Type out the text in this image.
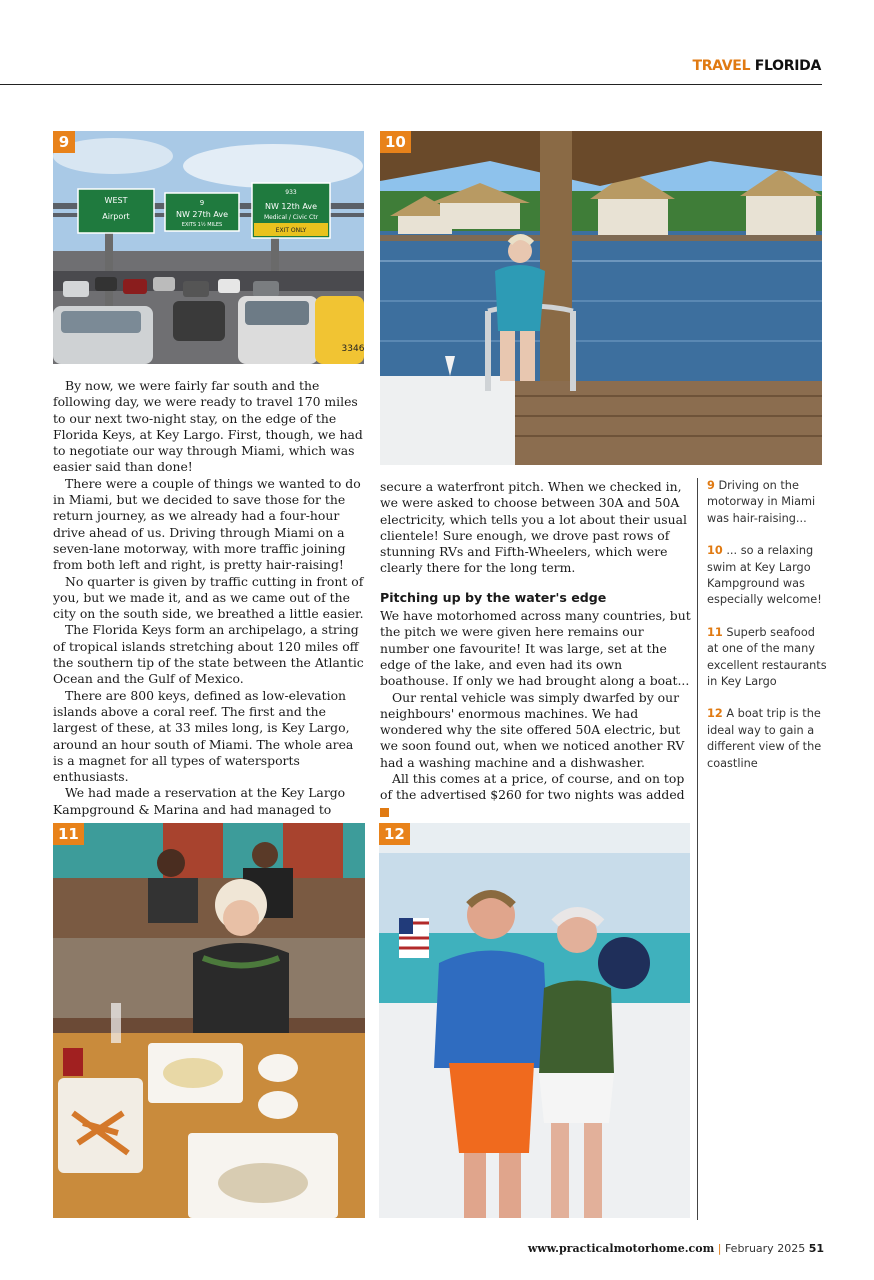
TRAVEL FLORIDA
WEST
Airport
9
NW 27th Ave
EXITS 1½ MILES
933
NW 12th Ave
Medical / Civic Ctr
EXIT ONLY
3346
9	10

By now, we were fairly far south and the following day, we were ready to travel 170 miles to our next two-night stay, on the edge of the Florida Keys, at Key Largo. First, though, we had to negotiate our way through Miami, which was easier said than done!

There were a couple of things we wanted to do in Miami, but we decided to save those for the return journey, as we already had a four-hour drive ahead of us. Driving through Miami on a seven-lane motorway, with more traffic joining from both left and right, is pretty hair-raising!

No quarter is given by traffic cutting in front of you, but we made it, and as we came out of the city on the south side, we breathed a little easier.

The Florida Keys form an archipelago, a string of tropical islands stretching about 120 miles off the southern tip of the state between the Atlantic Ocean and the Gulf of Mexico.

There are 800 keys, defined as low-elevation islands above a coral reef. The first and the largest of these, at 33 miles long, is Key Largo, around an hour south of Miami. The whole area is a magnet for all types of watersports enthusiasts.

We had made a reservation at the Key Largo Kampground & Marina and had managed to

secure a waterfront pitch. When we checked in, we were asked to choose between 30A and 50A electricity, which tells you a lot about their usual clientele! Sure enough, we drove past rows of stunning RVs and Fifth-Wheelers, which were clearly there for the long term.

Pitching up by the water's edge

We have motorhomed across many countries, but the pitch we were given here remains our number one favourite! It was large, set at the edge of the lake, and even had its own boathouse. If only we had brought along a boat...

Our rental vehicle was simply dwarfed by our neighbours' enormous machines. We had wondered why the site offered 50A electric, but we soon found out, when we noticed another RV had a washing machine and a dishwasher.

All this comes at a price, of course, and on top of the advertised $260 for two nights was added ▸

9 Driving on the motorway in Miami was hair-raising...
10 ... so a relaxing swim at Key Largo Kampground was especially welcome!
11 Superb seafood at one of the many excellent restaurants in Key Largo
12 A boat trip is the ideal way to gain a different view of the coastline
11	12
www.practicalmotorhome.com | February 2025 51
